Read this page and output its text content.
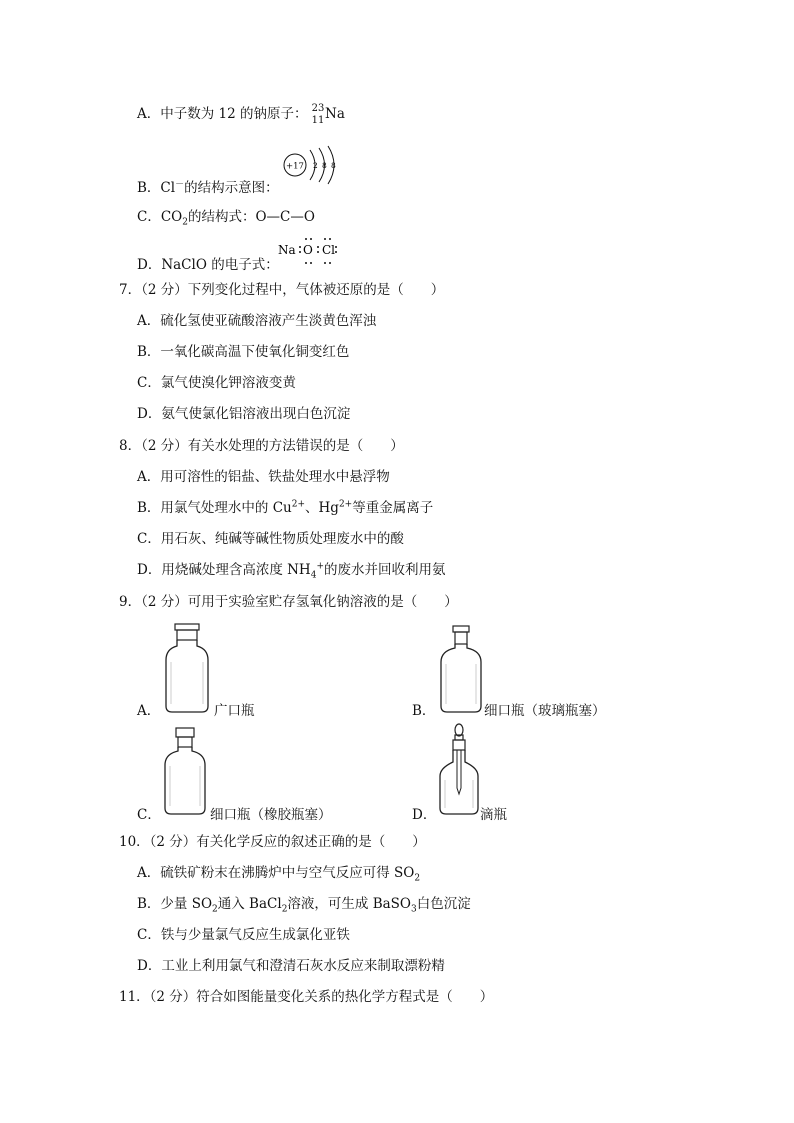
A．中子数为 12 的钠原子： 23
11 Na
+17 2 8 8
B．Cl－的结构示意图：
C．$CO_2$的结构式：O—C—O
D．NaClO 的电子式：
Na O Cl
7．（2 分）下列变化过程中，气体被还原的是（　　）
A．硫化氢使亚硫酸溶液产生淡黄色浑浊
B．一氧化碳高温下使氧化铜变红色
C．氯气使溴化钾溶液变黄
D．氨气使氯化铝溶液出现白色沉淀
8．（2 分）有关水处理的方法错误的是（　　）
A．用可溶性的铝盐、铁盐处理水中悬浮物
B．用氯气处理水中的 $Cu^{2+}$、$Hg^{2+}$等重金属离子
C．用石灰、纯碱等碱性物质处理废水中的酸
D．用烧碱处理含高浓度 $NH_4^+$的废水并回收利用氨
9．（2 分）可用于实验室贮存氢氧化钠溶液的是（　　）
A．	广口瓶	B．	细口瓶（玻璃瓶塞）
C．	细口瓶（橡胶瓶塞）	D．	滴瓶
10．（2 分）有关化学反应的叙述正确的是（　　）
A．硫铁矿粉末在沸腾炉中与空气反应可得 $SO_2$
B．少量 $SO_2$通入 BaCl$_2$溶液，可生成 BaSO$_3$白色沉淀
C．铁与少量氯气反应生成氯化亚铁
D．工业上利用氯气和澄清石灰水反应来制取漂粉精
11．（2 分）符合如图能量变化关系的热化学方程式是（　　）
